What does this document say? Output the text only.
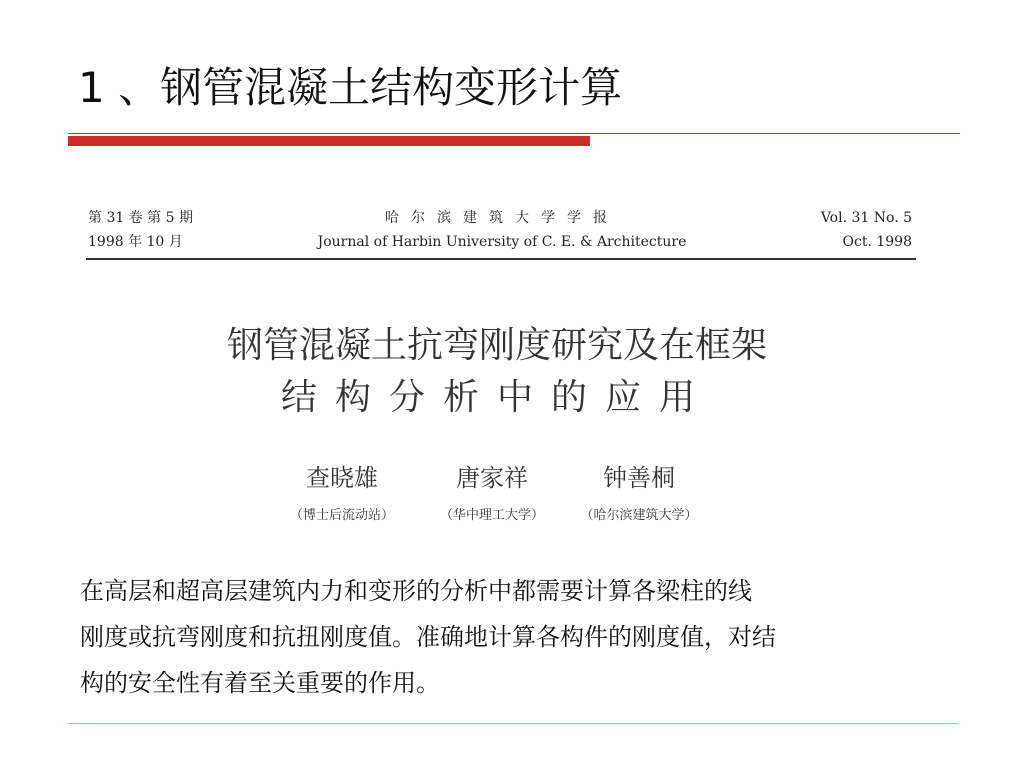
1 、钢管混凝土结构变形计算
第 31 卷 第 5 期
1998 年 10 月
哈尔滨建筑大学学报
Journal of Harbin University of C. E. & Architecture
Vol. 31 No. 5
Oct. 1998
钢管混凝土抗弯刚度研究及在框架
结构分析中的应用
查晓雄
（博士后流动站）
唐家祥
（华中理工大学）
钟善桐
（哈尔滨建筑大学）
在高层和超高层建筑内力和变形的分析中都需要计算各梁柱的线
刚度或抗弯刚度和抗扭刚度值。准确地计算各构件的刚度值，对结
构的安全性有着至关重要的作用。
